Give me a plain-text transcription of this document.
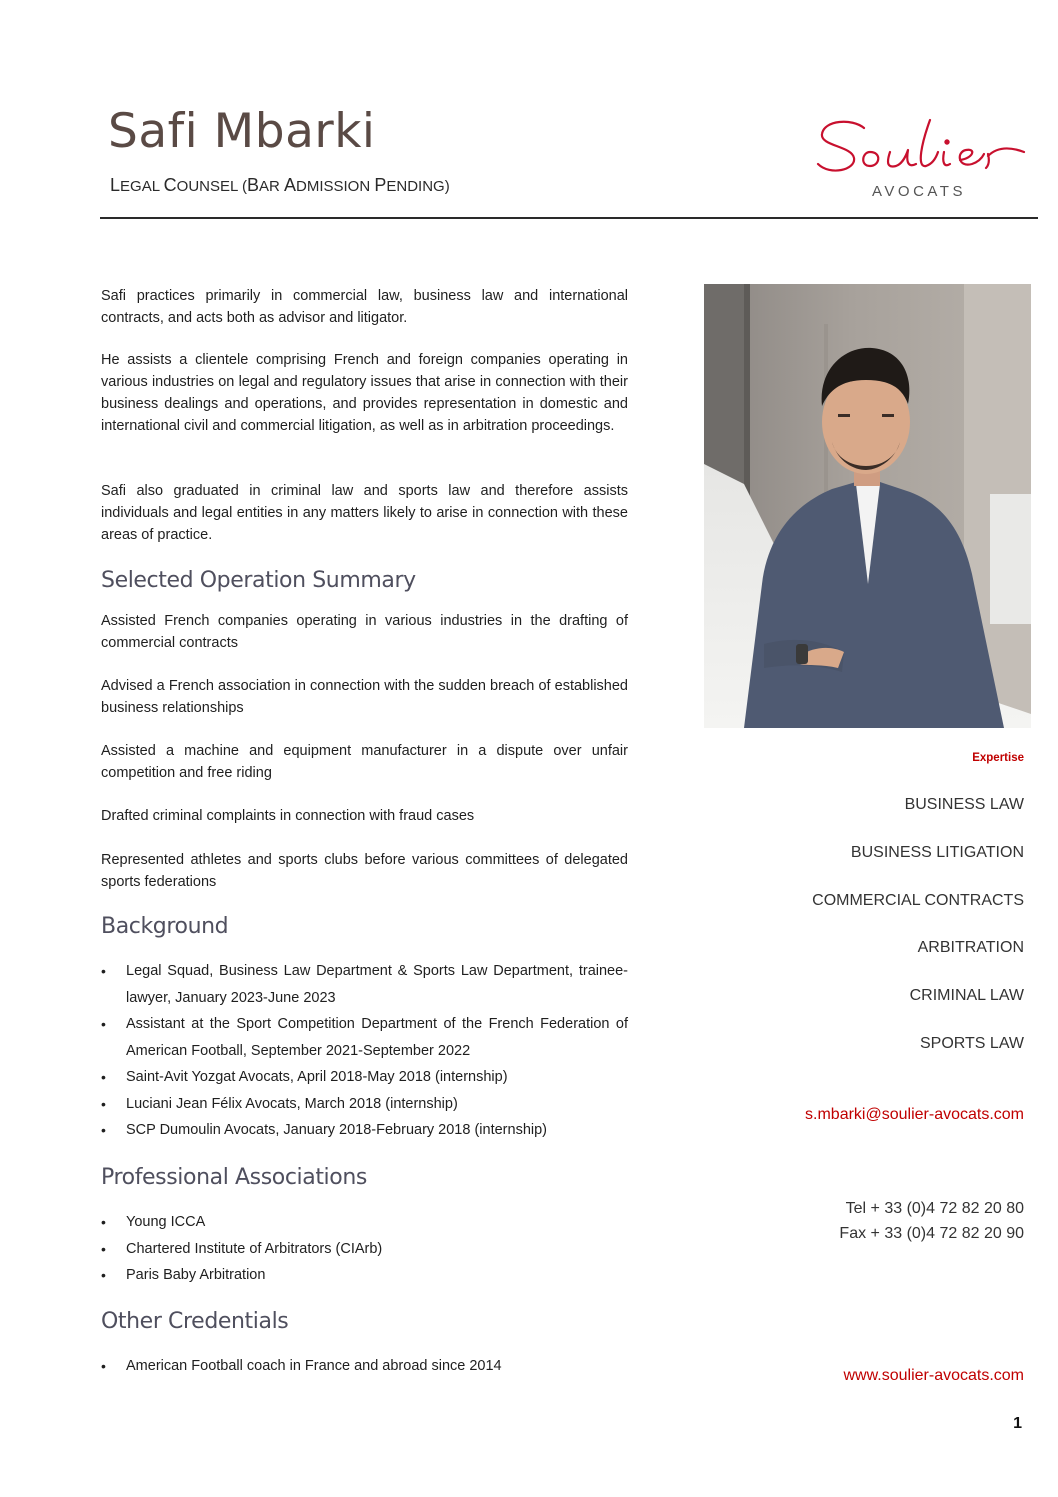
Safi Mbarki
LEGAL COUNSEL (BAR ADMISSION PENDING)	AVOCATS
Safi practices primarily in commercial law, business law and international contracts, and acts both as advisor and litigator.
He assists a clientele comprising French and foreign companies operating in various industries on legal and regulatory issues that arise in connection with their business dealings and operations, and provides representation in domestic and international civil and commercial litigation, as well as in arbitration proceedings.
Safi also graduated in criminal law and sports law and therefore assists individuals and legal entities in any matters likely to arise in connection with these areas of practice.
Selected Operation Summary
Assisted French companies operating in various industries in the drafting of commercial contracts
Advised a French association in connection with the sudden breach of established business relationships
Assisted a machine and equipment manufacturer in a dispute over unfair competition and free riding
Drafted criminal complaints in connection with fraud cases
Represented athletes and sports clubs before various committees of delegated sports federations
Background
• Legal Squad, Business Law Department & Sports Law Department, trainee-lawyer, January 2023-June 2023
• Assistant at the Sport Competition Department of the French Federation of American Football, September 2021-September 2022
• Saint-Avit Yozgat Avocats, April 2018-May 2018 (internship)
• Luciani Jean Félix Avocats, March 2018 (internship)
• SCP Dumoulin Avocats, January 2018-February 2018 (internship)
Professional Associations
• Young ICCA
• Chartered Institute of Arbitrators (CIArb)
• Paris Baby Arbitration
Other Credentials
• American Football coach in France and abroad since 2014
Expertise
BUSINESS LAW
BUSINESS LITIGATION
COMMERCIAL CONTRACTS
ARBITRATION
CRIMINAL LAW
SPORTS LAW
s.mbarki@soulier-avocats.com
Tel + 33 (0)4 72 82 20 80
Fax + 33 (0)4 72 82 20 90
www.soulier-avocats.com
1
